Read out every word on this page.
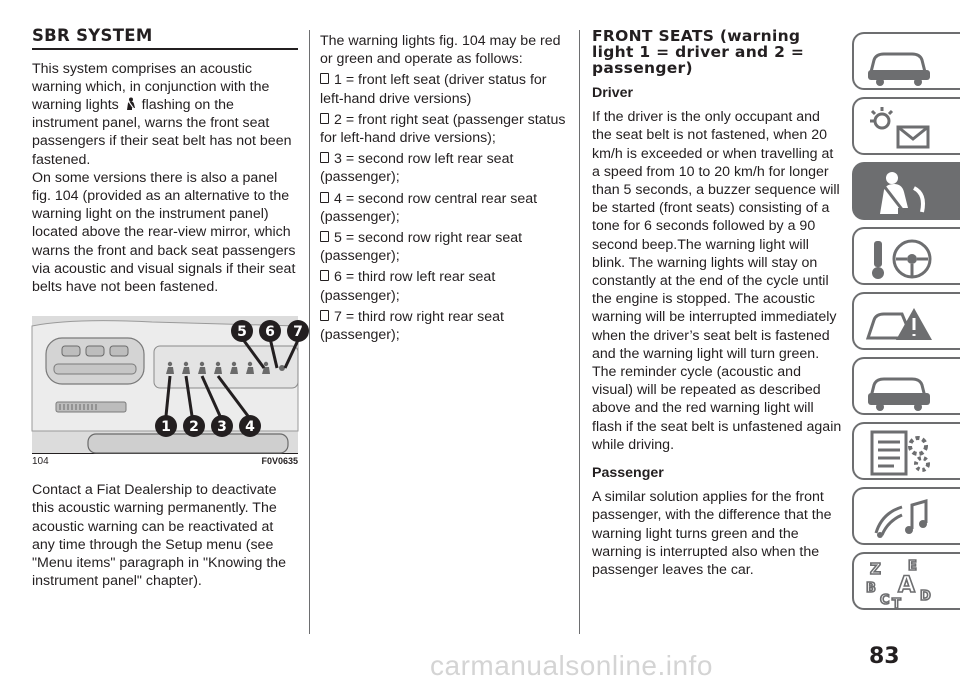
SBR SYSTEM

This system comprises an acoustic warning which, in conjunction with the warning lights flashing on the instrument panel, warns the front seat passengers if their seat belt has not been fastened.

On some versions there is also a panel fig. 104 (provided as an alternative to the warning light on the instrument panel) located above the rear-view mirror, which warns the front and back seat passengers via acoustic and visual signals if their seat belts have not been fastened.

5 6 7
1 2 3 4
104	F0V0635

Contact a Fiat Dealership to deactivate this acoustic warning permanently. The acoustic warning can be reactivated at any time through the Setup menu (see "Menu items" paragraph in "Knowing the instrument panel" chapter).

The warning lights fig. 104 may be red or green and operate as follows:

1 = front left seat (driver status for left-hand drive versions)

2 = front right seat (passenger status for left-hand drive versions);

3 = second row left rear seat (passenger);

4 = second row central rear seat (passenger);

5 = second row right rear seat (passenger);

6 = third row left rear seat (passenger);

7 = third row right rear seat (passenger);

FRONT SEATS (warning light 1 = driver and 2 = passenger)

Driver

If the driver is the only occupant and the seat belt is not fastened, when 20 km/h is exceeded or when travelling at a speed from 10 to 20 km/h for longer than 5 seconds, a buzzer sequence will be started (front seats) consisting of a tone for 6 seconds followed by a 90 second beep.The warning light will blink. The warning lights will stay on constantly at the end of the cycle until the engine is stopped. The acoustic warning will be interrupted immediately when the driver’s seat belt is fastened and the warning light will turn green. The reminder cycle (acoustic and visual) will be repeated as described above and the red warning light will flash if the seat belt is unfastened again while driving.

Passenger

A similar solution applies for the front passenger, with the difference that the warning light turns green and the warning is interrupted also when the passenger leaves the car.	Z E
B A
C D
T
83
carmanualsonline.info
